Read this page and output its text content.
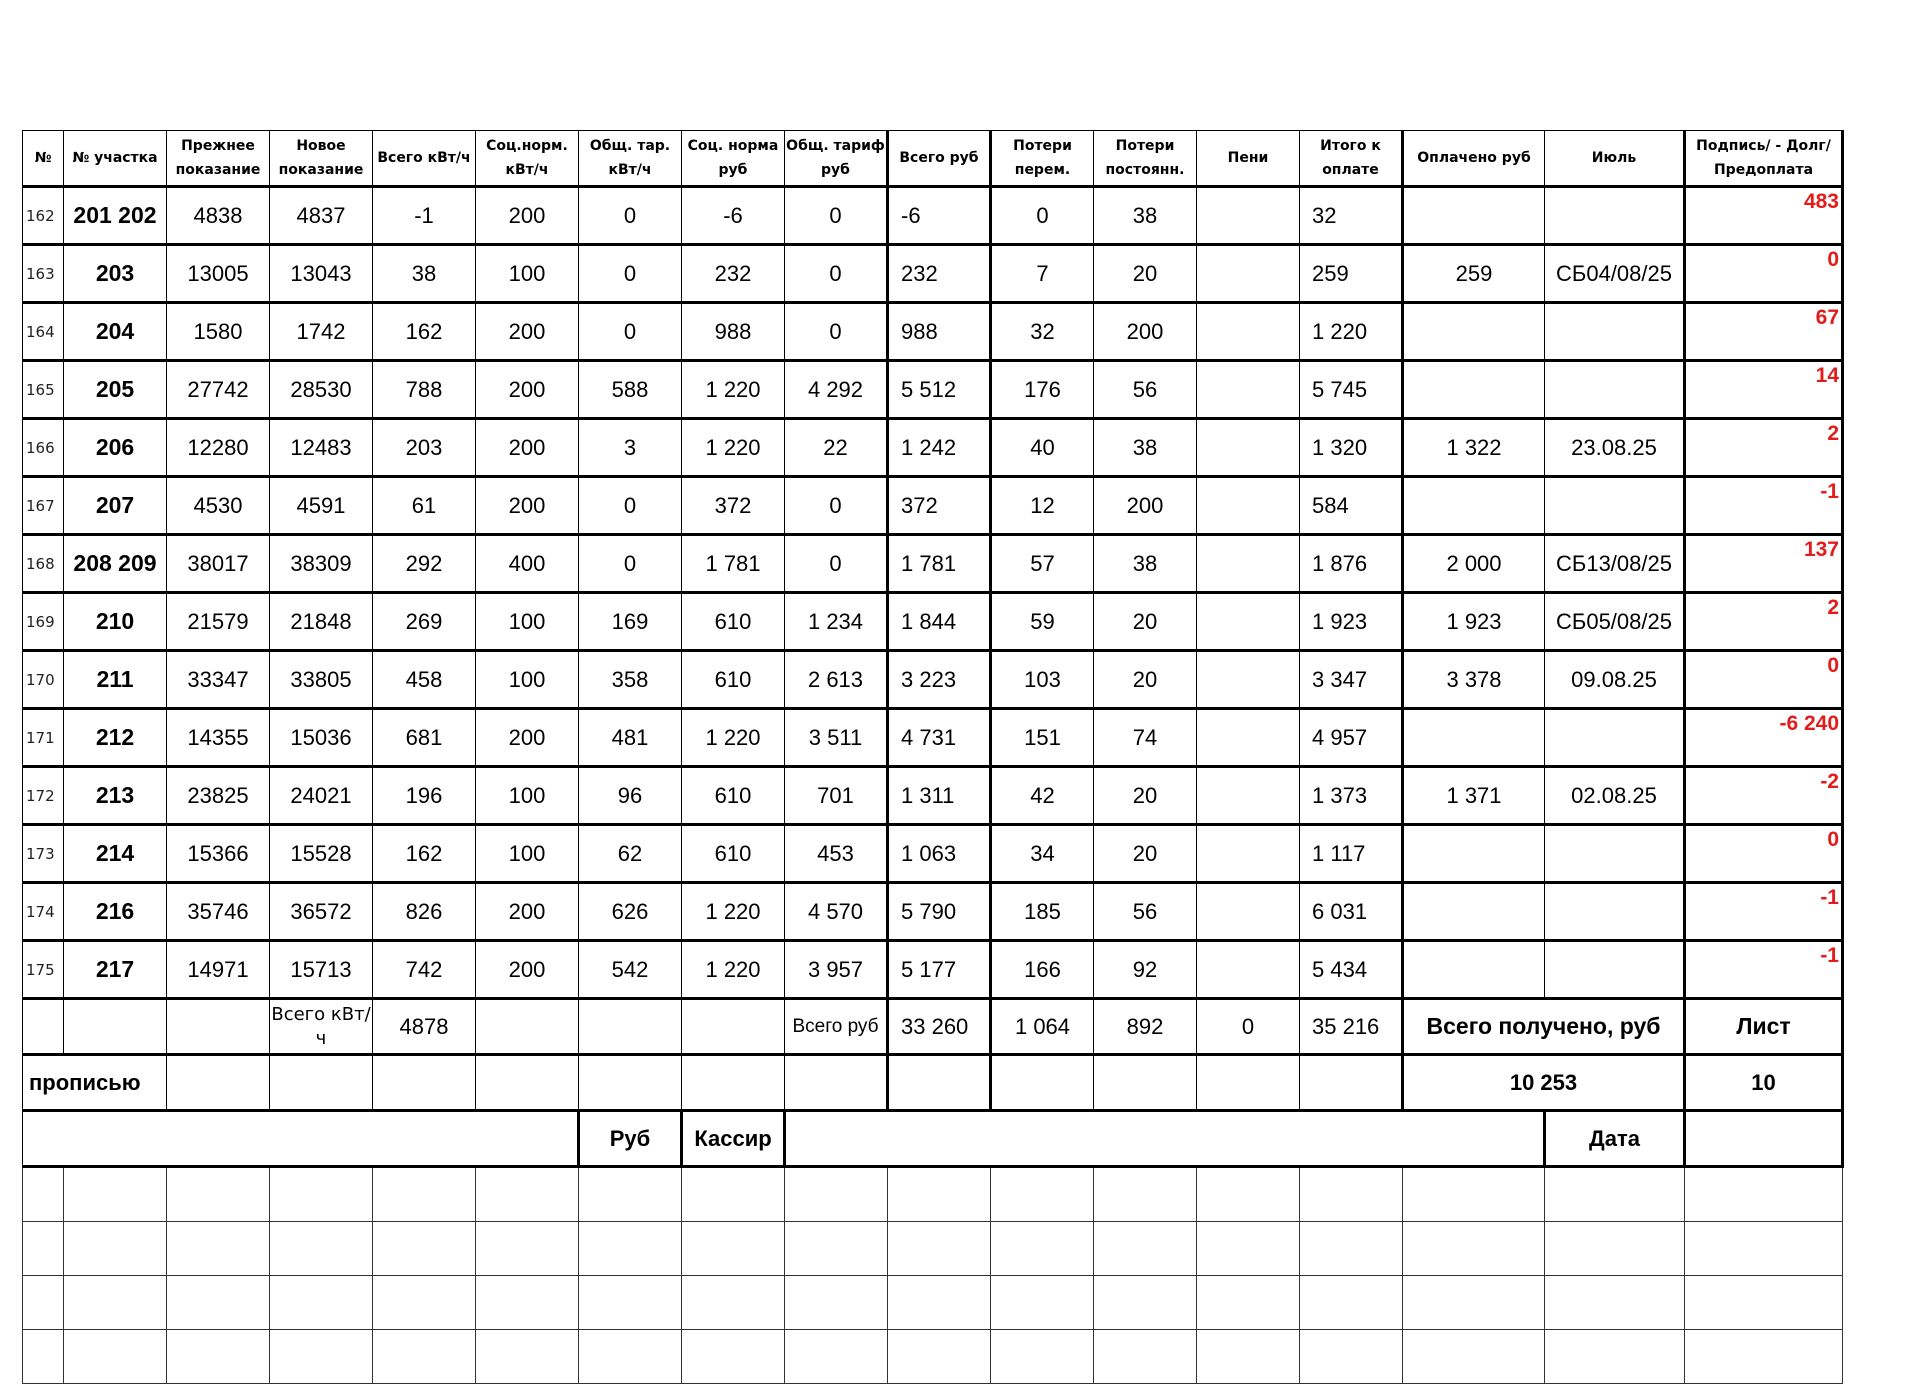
№	№ участка	Прежнее показание	Новое показание	Всего кВт/ч	Соц.норм. кВт/ч	Общ. тар. кВт/ч	Соц. норма руб	Общ. тариф руб	Всего руб	Потери перем.	Потери постоянн.	Пени	Итого к оплате	Оплачено руб	Июль	Подпись/ - Долг/Предоплата
162	201 202	4838	4837	-1	200	0	-6	0	-6	0	38		32			483
163	203	13005	13043	38	100	0	232	0	232	7	20		259	259	СБ04/08/25	0
164	204	1580	1742	162	200	0	988	0	988	32	200		1 220			67
165	205	27742	28530	788	200	588	1 220	4 292	5 512	176	56		5 745			14
166	206	12280	12483	203	200	3	1 220	22	1 242	40	38		1 320	1 322	23.08.25	2
167	207	4530	4591	61	200	0	372	0	372	12	200		584			-1
168	208 209	38017	38309	292	400	0	1 781	0	1 781	57	38		1 876	2 000	СБ13/08/25	137
169	210	21579	21848	269	100	169	610	1 234	1 844	59	20		1 923	1 923	СБ05/08/25	2
170	211	33347	33805	458	100	358	610	2 613	3 223	103	20		3 347	3 378	09.08.25	0
171	212	14355	15036	681	200	481	1 220	3 511	4 731	151	74		4 957			-6 240
172	213	23825	24021	196	100	96	610	701	1 311	42	20		1 373	1 371	02.08.25	-2
173	214	15366	15528	162	100	62	610	453	1 063	34	20		1 117			0
174	216	35746	36572	826	200	626	1 220	4 570	5 790	185	56		6 031			-1
175	217	14971	15713	742	200	542	1 220	3 957	5 177	166	92		5 434			-1
			Всего кВт/ч	4878				Всего руб	33 260	1 064	892	0	35 216	Всего получено, руб		Лист
прописью														10 253		10
						Руб	Кассир								Дата	
